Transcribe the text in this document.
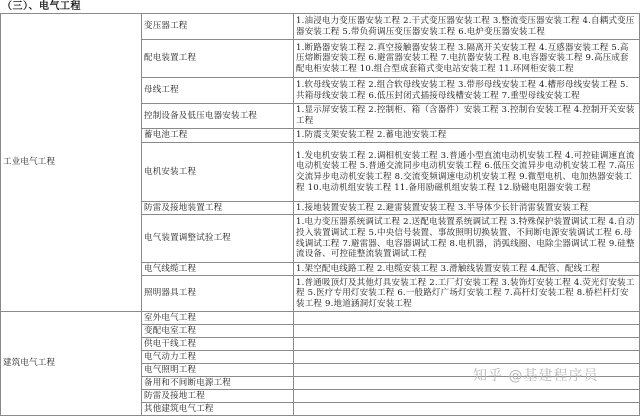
（三）、电气工程
工业电气工程	变压器工程	1.油浸电力变压器安装工程 2.干式变压器安装工程 3.整流变压器安装工程 4.自耦式变压器安装工程 5.带负荷调压变压器安装工程 6.电炉变压器安装工程
	配电装置工程	1.断路器安装工程 2.真空接触器安装工程 3.隔离开关安装工程 4.互感器安装工程 5.高压熔断器安装工程 6.避雷器安装工程 7.电抗器安装工程 8.电容器安装工程 9.高压成套配电柜安装工程 10.组合型成套箱式变电站安装工程 11.环网柜安装工程
	母线工程	1.软母线安装工程 2.组合软母线安装工程 3.带形母线安装工程 4.槽形母线安装工程 5.共箱母线安装工程 6.低压封闭式插接母线槽安装工程 7.重型母线安装工程
	控制设备及低压电器安装工程	1.显示屏安装工程 2.控制柜、箱（含器件）安装工程 3.控制台安装工程 4.控制开关安装工程
	蓄电池工程	1.防震支架安装工程 2.蓄电池安装工程
	电机安装工程	1.发电机安装工程 2.调相机安装工程 3.普通小型直流电动机安装工程 4.可控硅调速直流电动机安装工程 5.普通交流同步电动机安装工程 6.低压交流异步电动机安装工程 7.高压交流异步电动机安装工程 8.交流变频调速电动机安装工程 9.微型电机、电加热器安装工程 10.电动机组安装工程 11.备用励磁机组安装工程 12.励磁电阻器安装工程
	防雷及接地装置工程	1.接地装置安装工程 2.避雷装置安装工程 3.半导体少长针消雷装置安装工程
	电气装置调整试验工程	1.电力变压器系统调试工程 2.送配电装置系统调试工程 3.特殊保护装置调试工程 4.自动投入装置调试工程 5.中央信号装置、事故照明切换装置、不间断电源安装调试工程 6.母线调试工程 7.避雷器、电容器调试工程 8.电机器，消弧线圈、电除尘器调试工程 9.硅整流设备、可控硅整流装置调试工程
	电气线缆工程	1.架空配电线路工程 2.电缆安装工程 3.滑触线装置安装工程 4.配管、配线工程
	照明器具工程	1.普通吸顶灯及其他灯具安装工程 2.工厂灯安装工程 3.装饰灯安装工程 4.荧光灯安装工程 5.医疗专用灯安装工程 6.一般路灯广场灯安装工程 7.高杆灯安装工程 8.桥栏杆灯安装工程 9.地道涵洞灯安装工程
建筑电气工程	室外电气工程	
	变配电室工程	
	供电干线工程	
	电气动力工程	
	电气照明工程	
	备用和不间断电源工程	
	防雷及接地工程	
	其他建筑电气工程	
知乎 @基建程序员
